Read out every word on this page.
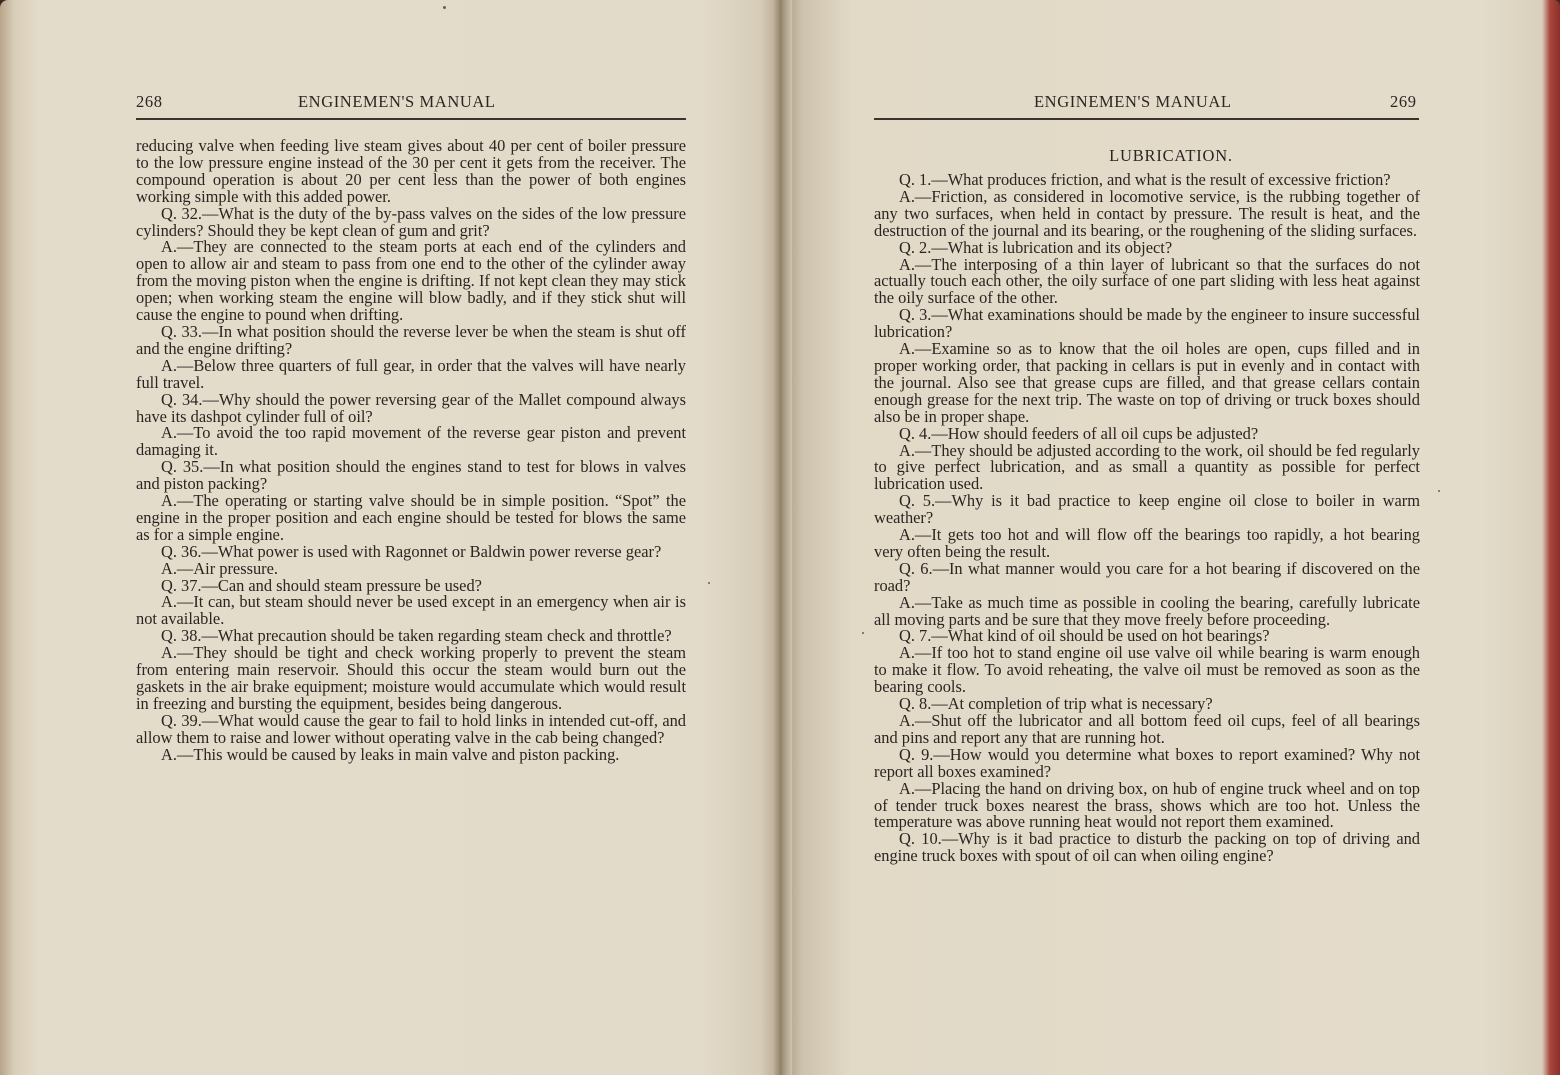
268	ENGINEMEN'S MANUAL

reducing valve when feeding live steam gives about 40 per cent of boiler pressure to the low pressure engine instead of the 30 per cent it gets from the receiver. The compound operation is about 20 per cent less than the power of both engines working simple with this added power.

Q. 32.—What is the duty of the by-pass valves on the sides of the low pressure cylinders? Should they be kept clean of gum and grit?

A.—They are connected to the steam ports at each end of the cylinders and open to allow air and steam to pass from one end to the other of the cylinder away from the moving piston when the engine is drifting. If not kept clean they may stick open; when working steam the engine will blow badly, and if they stick shut will cause the engine to pound when drifting.

Q. 33.—In what position should the reverse lever be when the steam is shut off and the engine drifting?

A.—Below three quarters of full gear, in order that the valves will have nearly full travel.

Q. 34.—Why should the power reversing gear of the Mallet compound always have its dashpot cylinder full of oil?

A.—To avoid the too rapid movement of the reverse gear piston and prevent damaging it.

Q. 35.—In what position should the engines stand to test for blows in valves and piston packing?

A.—The operating or starting valve should be in simple position. “Spot” the engine in the proper position and each engine should be tested for blows the same as for a simple engine.

Q. 36.—What power is used with Ragonnet or Baldwin power reverse gear?

A.—Air pressure.

Q. 37.—Can and should steam pressure be used?

A.—It can, but steam should never be used except in an emergency when air is not available.

Q. 38.—What precaution should be taken regarding steam check and throttle?

A.—They should be tight and check working properly to prevent the steam from entering main reservoir. Should this occur the steam would burn out the gaskets in the air brake equipment; moisture would accumulate which would result in freezing and bursting the equipment, besides being dangerous.

Q. 39.—What would cause the gear to fail to hold links in intended cut-off, and allow them to raise and lower without operating valve in the cab being changed?

A.—This would be caused by leaks in main valve and piston packing.

ENGINEMEN'S MANUAL	269
LUBRICATION.

Q. 1.—What produces friction, and what is the result of excessive friction?

A.—Friction, as considered in locomotive service, is the rubbing together of any two surfaces, when held in contact by pressure. The result is heat, and the destruction of the journal and its bearing, or the roughening of the sliding surfaces.

Q. 2.—What is lubrication and its object?

A.—The interposing of a thin layer of lubricant so that the surfaces do not actually touch each other, the oily surface of one part sliding with less heat against the oily surface of the other.

Q. 3.—What examinations should be made by the engineer to insure successful lubrication?

A.—Examine so as to know that the oil holes are open, cups filled and in proper working order, that packing in cellars is put in evenly and in contact with the journal. Also see that grease cups are filled, and that grease cellars contain enough grease for the next trip. The waste on top of driving or truck boxes should also be in proper shape.

Q. 4.—How should feeders of all oil cups be adjusted?

A.—They should be adjusted according to the work, oil should be fed regularly to give perfect lubrication, and as small a quantity as possible for perfect lubrication used.

Q. 5.—Why is it bad practice to keep engine oil close to boiler in warm weather?

A.—It gets too hot and will flow off the bearings too rapidly, a hot bearing very often being the result.

Q. 6.—In what manner would you care for a hot bearing if discovered on the road?

A.—Take as much time as possible in cooling the bearing, carefully lubricate all moving parts and be sure that they move freely before proceeding.

Q. 7.—What kind of oil should be used on hot bearings?

A.—If too hot to stand engine oil use valve oil while bearing is warm enough to make it flow. To avoid reheating, the valve oil must be removed as soon as the bearing cools.

Q. 8.—At completion of trip what is necessary?

A.—Shut off the lubricator and all bottom feed oil cups, feel of all bearings and pins and report any that are running hot.

Q. 9.—How would you determine what boxes to report examined? Why not report all boxes examined?

A.—Placing the hand on driving box, on hub of engine truck wheel and on top of tender truck boxes nearest the brass, shows which are too hot. Unless the temperature was above running heat would not report them examined.

Q. 10.—Why is it bad practice to disturb the packing on top of driving and engine truck boxes with spout of oil can when oiling engine?
